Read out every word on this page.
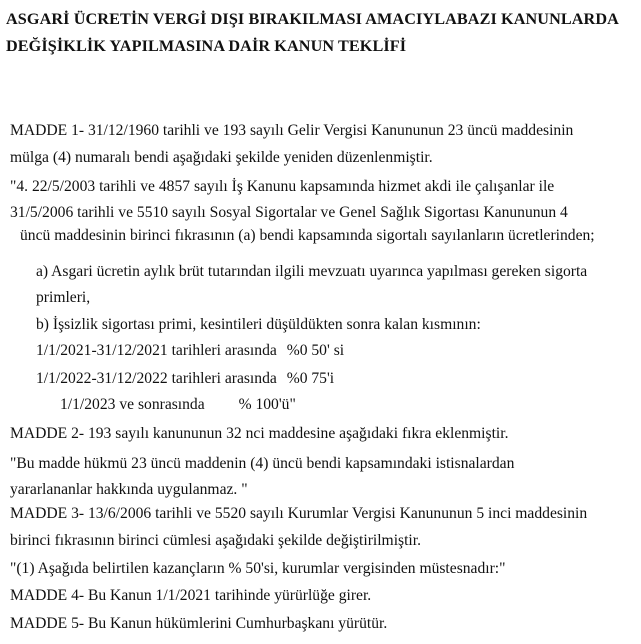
ASGARİ ÜCRETİN VERGİ DIŞI BIRAKILMASI AMACIYLABAZI KANUNLARDA
DEĞİŞİKLİK YAPILMASINA DAİR KANUN TEKLİFİ
MADDE 1- 31/12/1960 tarihli ve 193 sayılı Gelir Vergisi Kanununun 23 üncü maddesinin
mülga (4) numaralı bendi aşağıdaki şekilde yeniden düzenlenmiştir.
"4. 22/5/2003 tarihli ve 4857 sayılı İş Kanunu kapsamında hizmet akdi ile çalışanlar ile
31/5/2006 tarihli ve 5510 sayılı Sosyal Sigortalar ve Genel Sağlık Sigortası Kanununun 4
üncü maddesinin birinci fıkrasının (a) bendi kapsamında sigortalı sayılanların ücretlerinden;
a) Asgari ücretin aylık brüt tutarından ilgili mevzuatı uyarınca yapılması gereken sigorta
primleri,
b) İşsizlik sigortası primi, kesintileri düşüldükten sonra kalan kısmının:
1/1/2021-31/12/2021 tarihleri arasında %0 50' si
1/1/2022-31/12/2022 tarihleri arasında %0 75'i
1/1/2023 ve sonrasında % 100'ü"
MADDE 2- 193 sayılı kanununun 32 nci maddesine aşağıdaki fıkra eklenmiştir.
"Bu madde hükmü 23 üncü maddenin (4) üncü bendi kapsamındaki istisnalardan
yararlananlar hakkında uygulanmaz. "
MADDE 3- 13/6/2006 tarihli ve 5520 sayılı Kurumlar Vergisi Kanununun 5 inci maddesinin
birinci fıkrasının birinci cümlesi aşağıdaki şekilde değiştirilmiştir.
"(1) Aşağıda belirtilen kazançların % 50'si, kurumlar vergisinden müstesnadır:"
MADDE 4- Bu Kanun 1/1/2021 tarihinde yürürlüğe girer.
MADDE 5- Bu Kanun hükümlerini Cumhurbaşkanı yürütür.
